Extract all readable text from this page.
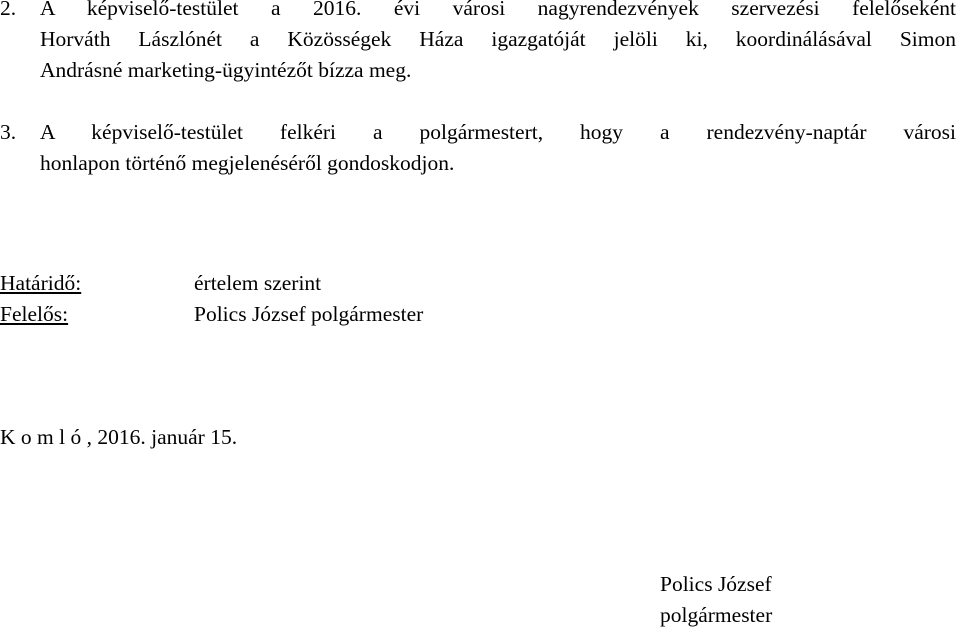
2. A képviselő-testület a 2016. évi városi nagyrendezvények szervezési felelőseként
Horváth Lászlónét a Közösségek Háza igazgatóját jelöli ki, koordinálásával Simon
Andrásné marketing-ügyintézőt bízza meg.
3. A képviselő-testület felkéri a polgármestert, hogy a rendezvény-naptár városi
honlapon történő megjelenéséről gondoskodjon.
Határidő:	értelem szerint
Felelős:	Polics József polgármester
K o m l ó , 2016. január 15.
Polics József
polgármester
